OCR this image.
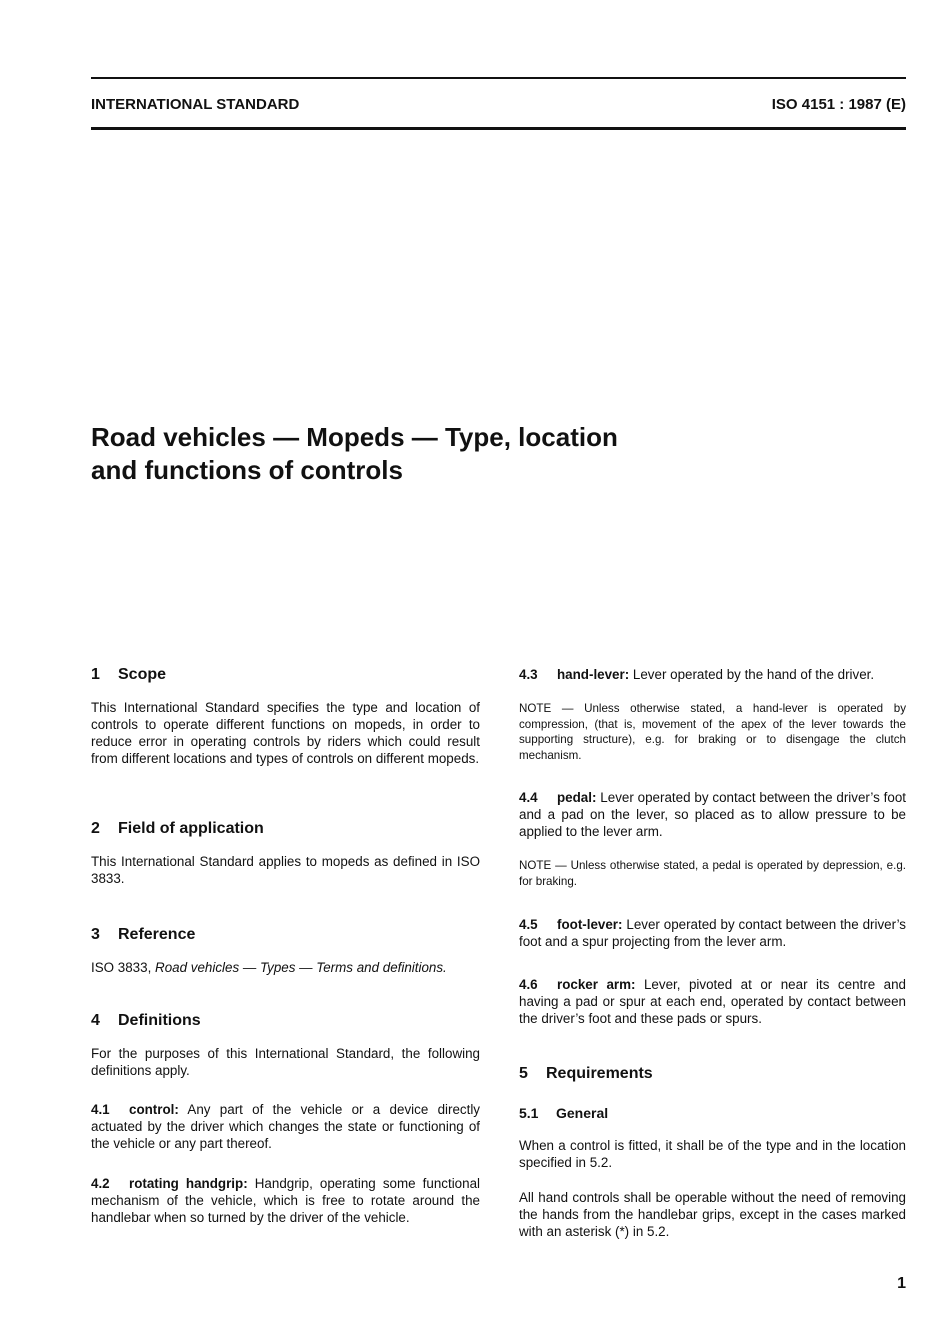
INTERNATIONAL STANDARD	ISO 4151 : 1987 (E)
Road vehicles — Mopeds — Type, location
and functions of controls
1 Scope

This International Standard specifies the type and location of controls to operate different functions on mopeds, in order to reduce error in operating controls by riders which could result from different locations and types of controls on different mopeds.

2 Field of application

This International Standard applies to mopeds as defined in ISO 3833.

3 Reference

ISO 3833, Road vehicles — Types — Terms and definitions.

4 Definitions

For the purposes of this International Standard, the following definitions apply.

4.1 control: Any part of the vehicle or a device directly actuated by the driver which changes the state or functioning of the vehicle or any part thereof.

4.2 rotating handgrip: Handgrip, operating some functional mechanism of the vehicle, which is free to rotate around the handlebar when so turned by the driver of the vehicle.

4.3 hand-lever: Lever operated by the hand of the driver.

NOTE — Unless otherwise stated, a hand-lever is operated by compression, (that is, movement of the apex of the lever towards the supporting structure), e.g. for braking or to disengage the clutch mechanism.

4.4 pedal: Lever operated by contact between the driver’s foot and a pad on the lever, so placed as to allow pressure to be applied to the lever arm.

NOTE — Unless otherwise stated, a pedal is operated by depression, e.g. for braking.

4.5 foot-lever: Lever operated by contact between the driver’s foot and a spur projecting from the lever arm.

4.6 rocker arm: Lever, pivoted at or near its centre and having a pad or spur at each end, operated by contact between the driver’s foot and these pads or spurs.

5 Requirements
5.1 General

When a control is fitted, it shall be of the type and in the location specified in 5.2.

All hand controls shall be operable without the need of removing the hands from the handlebar grips, except in the cases marked with an asterisk (*) in 5.2.

1
